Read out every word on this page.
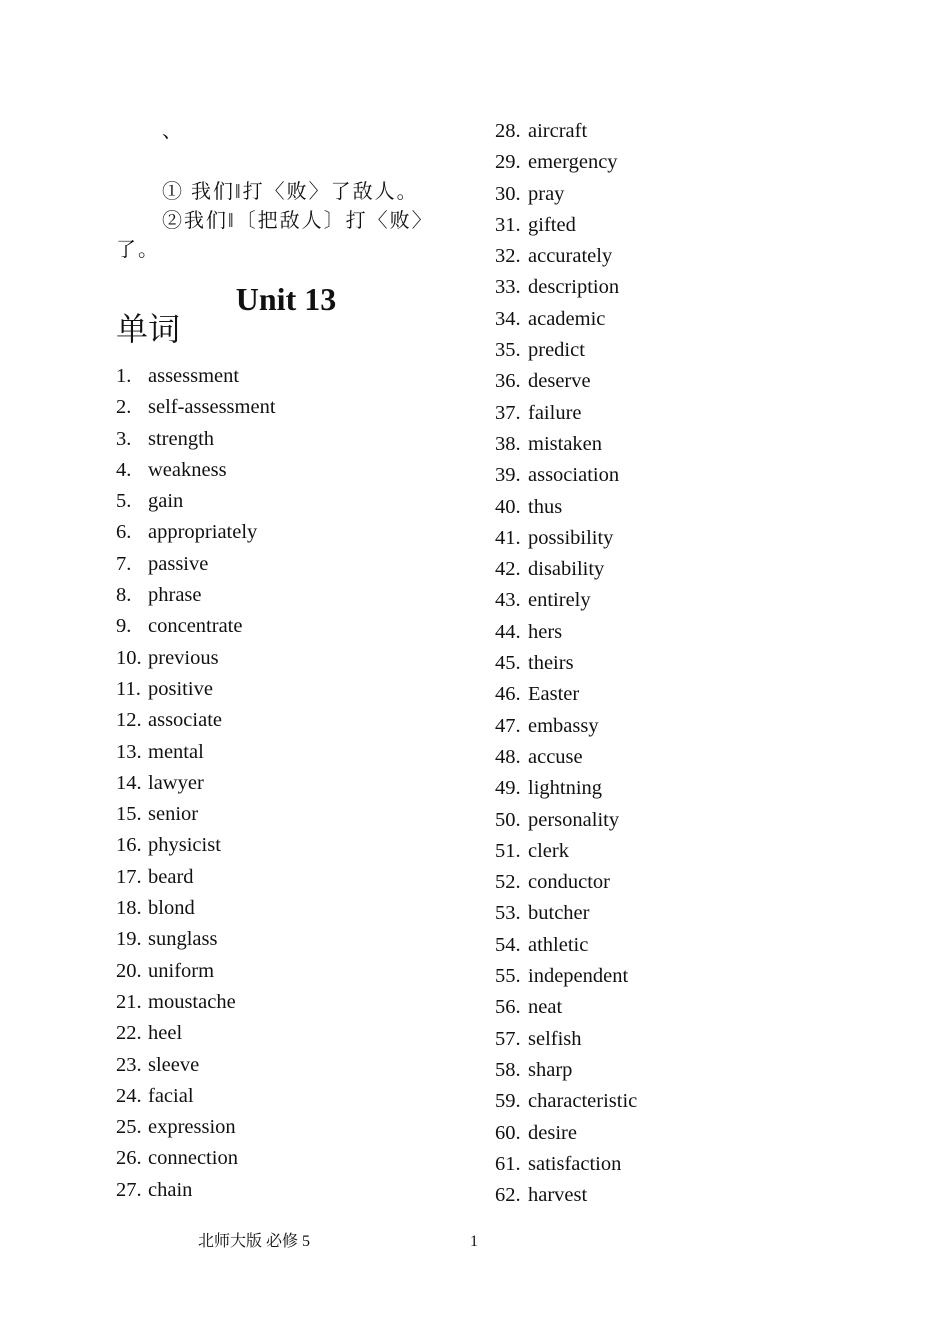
、
① 我们‖打〈败〉了敌人。
②我们‖〔把敌人〕打〈败〉
了。
Unit 13
单词
1. assessment
2. self-assessment
3. strength
4. weakness
5. gain
6. appropriately
7. passive
8. phrase
9. concentrate
10. previous
11. positive
12. associate
13. mental
14. lawyer
15. senior
16. physicist
17. beard
18. blond
19. sunglass
20. uniform
21. moustache
22. heel
23. sleeve
24. facial
25. expression
26. connection
27. chain
28. aircraft
29. emergency
30. pray
31. gifted
32. accurately
33. description
34. academic
35. predict
36. deserve
37. failure
38. mistaken
39. association
40. thus
41. possibility
42. disability
43. entirely
44. hers
45. theirs
46. Easter
47. embassy
48. accuse
49. lightning
50. personality
51. clerk
52. conductor
53. butcher
54. athletic
55. independent
56. neat
57. selfish
58. sharp
59. characteristic
60. desire
61. satisfaction
62. harvest
北师大版 必修 5	1
